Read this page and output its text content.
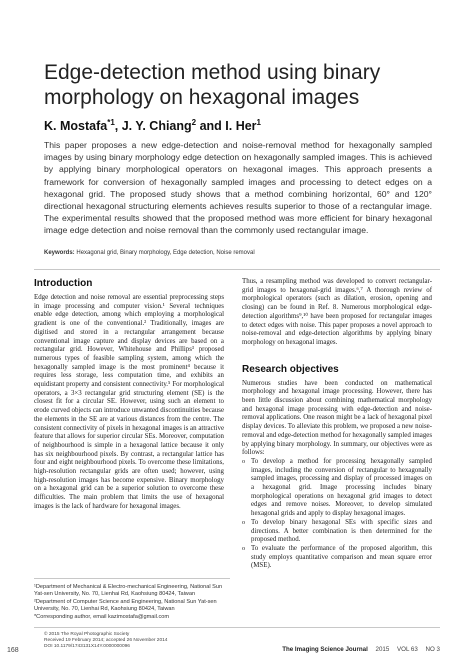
Edge-detection method using binary morphology on hexagonal images
K. Mostafa$^{*1}$, J. Y. Chiang$^2$ and I. Her$^1$

This paper proposes a new edge-detection and noise-removal method for hexagonally sampled images by using binary morphology edge detection on hexagonally sampled images. This is achieved by applying binary morphological operators on hexagonal images. This approach presents a framework for conversion of hexagonally sampled images and processing to detect edges on a hexagonal grid. The proposed study shows that a method combining horizontal, 60° and 120° directional hexagonal structuring elements achieves results superior to those of a rectangular image. The experimental results showed that the proposed method was more efficient for binary hexagonal image edge detection and noise removal than the commonly used rectangular image.

Keywords: Hexagonal grid, Binary morphology, Edge detection, Noise removal
Introduction

Edge detection and noise removal are essential preprocessing steps in image processing and computer vision.¹ Several techniques enable edge detection, among which employing a morphological gradient is one of the conventional.² Traditionally, images are digitised and stored in a rectangular arrangement because conventional image capture and display devices are based on a rectangular grid. However, Whitehouse and Phillips³ proposed numerous types of feasible sampling system, among which the hexagonally sampled image is the most prominent⁴ because it requires less storage, less computation time, and exhibits an equidistant property and consistent connectivity.⁵ For morphological operators, a 3×3 rectangular grid structuring element (SE) is the closest fit for a circular SE. However, using such an element to erode curved objects can introduce unwanted discontinuities because the elements in the SE are at various distances from the centre. The consistent connectivity of pixels in hexagonal images is an attractive feature that allows for superior circular SEs. Moreover, computation of neighbourhood is simple in a hexagonal lattice because it only has six neighbourhood pixels. By contrast, a rectangular lattice has four and eight neighbourhood pixels. To overcome these limitations, high-resolution rectangular grids are often used; however, using high-resolution images has become expensive. Binary morphology on a hexagonal grid can be a superior solution to overcome these difficulties. The main problem that limits the use of hexagonal images is the lack of hardware for hexagonal images.

Thus, a resampling method was developed to convert rectangular-grid images to hexagonal-grid images.⁶,⁷ A thorough review of morphological operators (such as dilation, erosion, opening and closing) can be found in Ref. 8. Numerous morphological edge-detection algorithms⁹,¹⁰ have been proposed for rectangular images to detect edges with noise. This paper proposes a novel approach to noise-removal and edge-detection algorithms by applying binary morphology on hexagonal images.

Research objectives

Numerous studies have been conducted on mathematical morphology and hexagonal image processing. However, there has been little discussion about combining mathematical morphology and hexagonal image processing with edge-detection and noise-removal applications. One reason might be a lack of hexagonal pixel display devices. To alleviate this problem, we proposed a new noise-removal and edge-detection method for hexagonally sampled images by applying binary morphology. In summary, our objectives were as follows:

o To develop a method for processing hexagonally sampled images, including the conversion of rectangular to hexagonally sampled images, processing and display of processed images on a hexagonal grid. Image processing includes binary morphological operations on hexagonal grid images to detect edges and remove noises. Moreover, to develop simulated hexagonal grids and apply to display hexagonal images.
o To develop binary hexagonal SEs with specific sizes and directions. A better combination is then determined for the proposed method.
o To evaluate the performance of the proposed algorithm, this study employs quantitative comparison and mean square error (MSE).

¹Department of Mechanical & Electro-mechanical Engineering, National Sun Yat-sen University, No. 70, Lienhai Rd, Kaohsiung 80424, Taiwan

²Department of Computer Science and Engineering, National Sun Yat-sen University, No. 70, Lienhai Rd, Kaohsiung 80424, Taiwan

*Corresponding author, email kazimostafa@gmail.com

© 2015 The Royal Photographic Society
Received 19 February 2014; accepted 26 November 2014
DOI 10.1179/1743131X14Y.0000000096
168	The Imaging Science Journal 2015 VOL 63 NO 3
